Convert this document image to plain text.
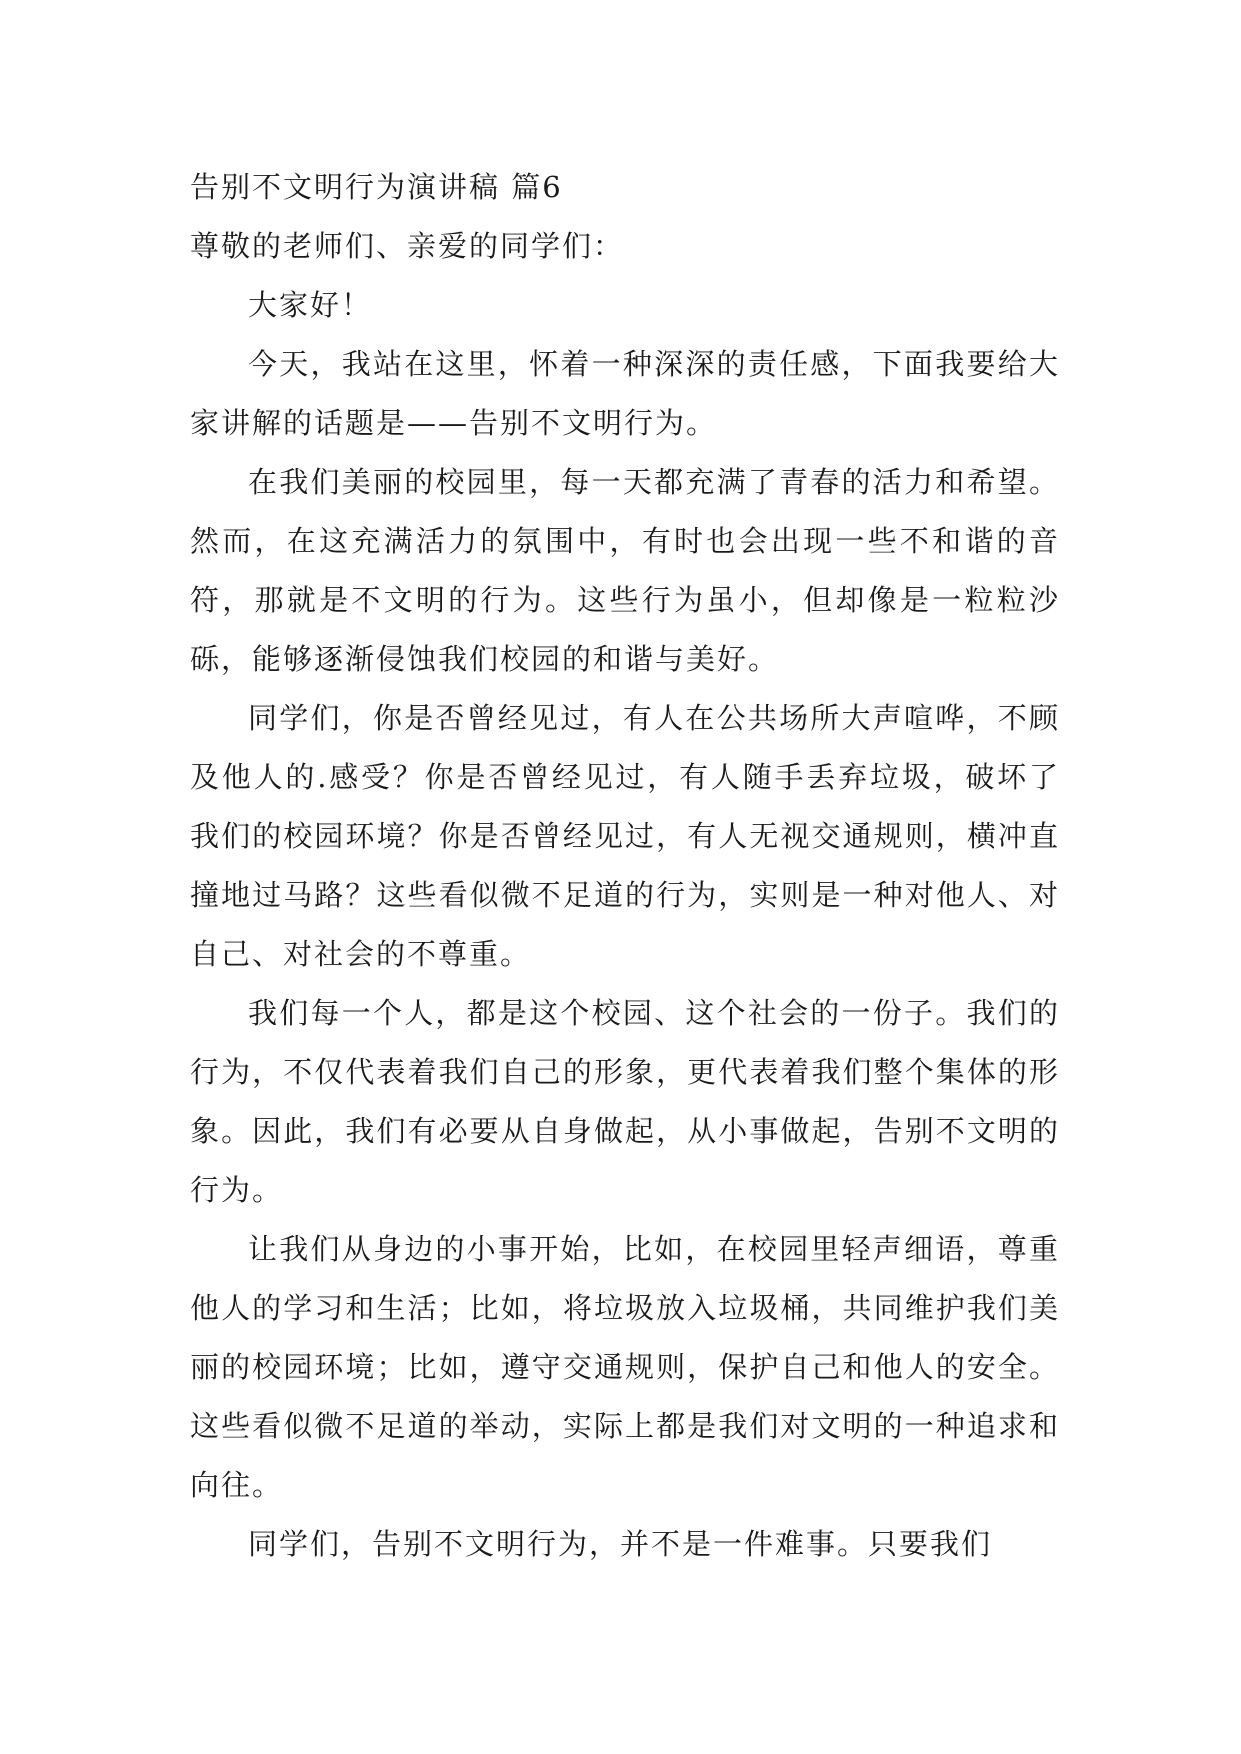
告别不文明行为演讲稿 篇6

尊敬的老师们、亲爱的同学们：

大家好！

今天，我站在这里，怀着一种深深的责任感，下面我要给大家讲解的话题是——告别不文明行为。

在我们美丽的校园里，每一天都充满了青春的活力和希望。然而，在这充满活力的氛围中，有时也会出现一些不和谐的音符，那就是不文明的行为。这些行为虽小，但却像是一粒粒沙砾，能够逐渐侵蚀我们校园的和谐与美好。

同学们，你是否曾经见过，有人在公共场所大声喧哗，不顾及他人的.感受？你是否曾经见过，有人随手丢弃垃圾，破坏了我们的校园环境？你是否曾经见过，有人无视交通规则，横冲直撞地过马路？这些看似微不足道的行为，实则是一种对他人、对自己、对社会的不尊重。

我们每一个人，都是这个校园、这个社会的一份子。我们的行为，不仅代表着我们自己的形象，更代表着我们整个集体的形象。因此，我们有必要从自身做起，从小事做起，告别不文明的行为。

让我们从身边的小事开始，比如，在校园里轻声细语，尊重他人的学习和生活；比如，将垃圾放入垃圾桶，共同维护我们美丽的校园环境；比如，遵守交通规则，保护自己和他人的安全。这些看似微不足道的举动，实际上都是我们对文明的一种追求和向往。

同学们，告别不文明行为，并不是一件难事。只要我们
